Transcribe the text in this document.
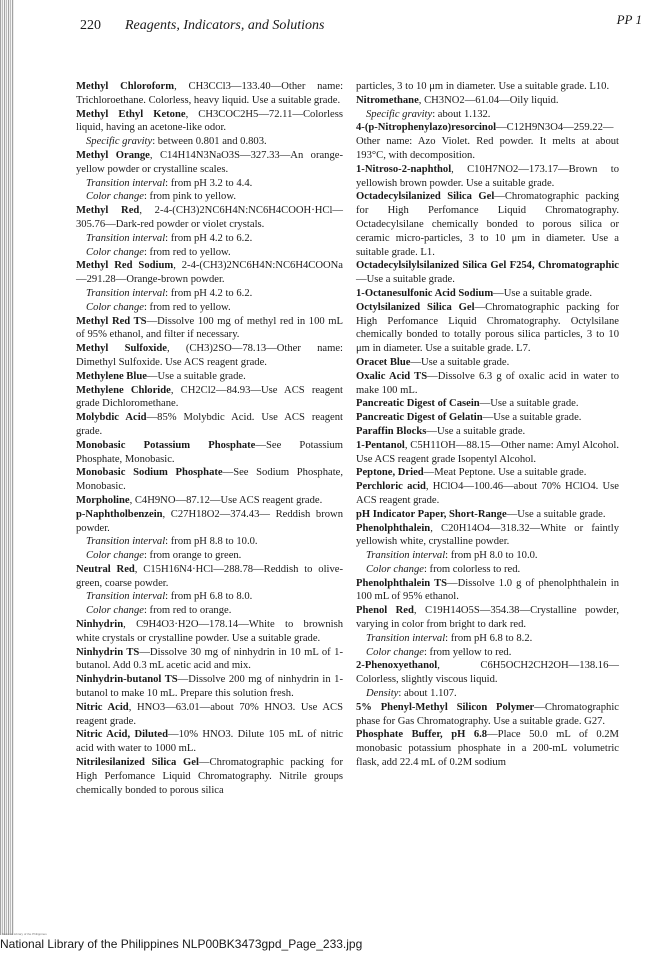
220 Reagents, Indicators, and Solutions	PP 1
Methyl Chloroform, CH3CCl3—133.40—Other name: Trichloroethane. Colorless, heavy liquid. Use a suitable grade.
Methyl Ethyl Ketone, CH3COC2H5—72.11—Colorless liquid, having an acetone-like odor.
Specific gravity: between 0.801 and 0.803.
Methyl Orange, C14H14N3NaO3S—327.33—An orange-yellow powder or crystalline scales.
Transition interval: from pH 3.2 to 4.4.
Color change: from pink to yellow.
Methyl Red, 2-4-(CH3)2NC6H4N:NC6H4COOH·HCl—305.76—Dark-red powder or violet crystals.
Transition interval: from pH 4.2 to 6.2.
Color change: from red to yellow.
Methyl Red Sodium, 2-4-(CH3)2NC6H4N:NC6H4COONa—291.28—Orange-brown powder.
Transition interval: from pH 4.2 to 6.2.
Color change: from red to yellow.
Methyl Red TS—Dissolve 100 mg of methyl red in 100 mL of 95% ethanol, and filter if necessary.
Methyl Sulfoxide, (CH3)2SO—78.13—Other name: Dimethyl Sulfoxide. Use ACS reagent grade.
Methylene Blue—Use a suitable grade.
Methylene Chloride, CH2Cl2—84.93—Use ACS reagent grade Dichloromethane.
Molybdic Acid—85% Molybdic Acid. Use ACS reagent grade.
Monobasic Potassium Phosphate—See Potassium Phosphate, Monobasic.
Monobasic Sodium Phosphate—See Sodium Phosphate, Monobasic.
Morpholine, C4H9NO—87.12—Use ACS reagent grade.
p-Naphtholbenzein, C27H18O2—374.43— Reddish brown powder.
Transition interval: from pH 8.8 to 10.0.
Color change: from orange to green.
Neutral Red, C15H16N4·HCl—288.78—Reddish to olive-green, coarse powder.
Transition interval: from pH 6.8 to 8.0.
Color change: from red to orange.
Ninhydrin, C9H4O3·H2O—178.14—White to brownish white crystals or crystalline powder. Use a suitable grade.
Ninhydrin TS—Dissolve 30 mg of ninhydrin in 10 mL of 1-butanol. Add 0.3 mL acetic acid and mix.
Ninhydrin-butanol TS—Dissolve 200 mg of ninhydrin in 1-butanol to make 10 mL. Prepare this solution fresh.
Nitric Acid, HNO3—63.01—about 70% HNO3. Use ACS reagent grade.
Nitric Acid, Diluted—10% HNO3. Dilute 105 mL of nitric acid with water to 1000 mL.
Nitrilesilanized Silica Gel—Chromatographic packing for High Perfomance Liquid Chromatography. Nitrile groups chemically bonded to porous silica
particles, 3 to 10 μm in diameter. Use a suitable grade. L10.
Nitromethane, CH3NO2—61.04—Oily liquid.
Specific gravity: about 1.132.
4-(p-Nitrophenylazo)resorcinol—C12H9N3O4—259.22—Other name: Azo Violet. Red powder. It melts at about 193°C, with decomposition.
1-Nitroso-2-naphthol, C10H7NO2—173.17—Brown to yellowish brown powder. Use a suitable grade.
Octadecylsilanized Silica Gel—Chromatographic packing for High Perfomance Liquid Chromatography. Octadecylsilane chemically bonded to porous silica or ceramic micro-particles, 3 to 10 μm in diameter. Use a suitable grade. L1.
Octadecylsilylsilanized Silica Gel F254, Chromatographic—Use a suitable grade.
1-Octanesulfonic Acid Sodium—Use a suitable grade.
Octylsilanized Silica Gel—Chromatographic packing for High Perfomance Liquid Chromatography. Octylsilane chemically bonded to totally porous silica particles, 3 to 10 μm in diameter. Use a suitable grade. L7.
Oracet Blue—Use a suitable grade.
Oxalic Acid TS—Dissolve 6.3 g of oxalic acid in water to make 100 mL.
Pancreatic Digest of Casein—Use a suitable grade.
Pancreatic Digest of Gelatin—Use a suitable grade.
Paraffin Blocks—Use a suitable grade.
1-Pentanol, C5H11OH—88.15—Other name: Amyl Alcohol. Use ACS reagent grade Isopentyl Alcohol.
Peptone, Dried—Meat Peptone. Use a suitable grade.
Perchloric acid, HClO4—100.46—about 70% HClO4. Use ACS reagent grade.
pH Indicator Paper, Short-Range—Use a suitable grade.
Phenolphthalein, C20H14O4—318.32—White or faintly yellowish white, crystalline powder.
Transition interval: from pH 8.0 to 10.0.
Color change: from colorless to red.
Phenolphthalein TS—Dissolve 1.0 g of phenolphthalein in 100 mL of 95% ethanol.
Phenol Red, C19H14O5S—354.38—Crystalline powder, varying in color from bright to dark red.
Transition interval: from pH 6.8 to 8.2.
Color change: from yellow to red.
2-Phenoxyethanol, C6H5OCH2CH2OH—138.16—Colorless, slightly viscous liquid.
Density: about 1.107.
5% Phenyl-Methyl Silicon Polymer—Chromatographic phase for Gas Chromatography. Use a suitable grade. G27.
Phosphate Buffer, pH 6.8—Place 50.0 mL of 0.2M monobasic potassium phosphate in a 200-mL volumetric flask, add 22.4 mL of 0.2M sodium
National Library of the Philippines
National Library of the Philippines NLP00BK3473gpd_Page_233.jpg
